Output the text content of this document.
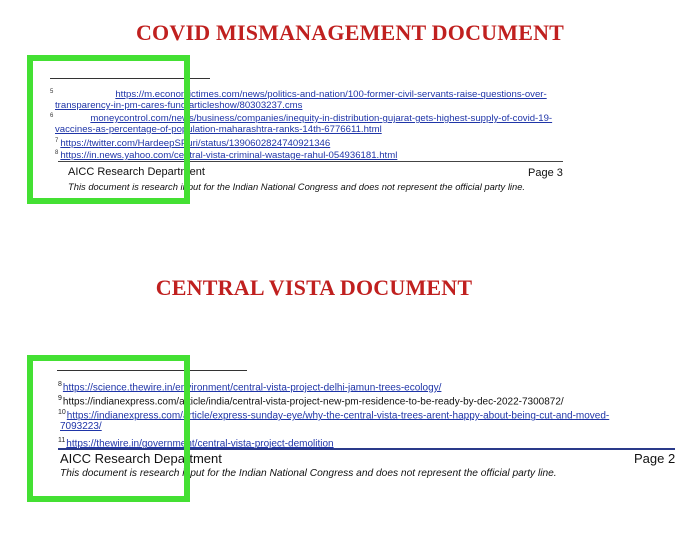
COVID MISMANAGEMENT DOCUMENT

$^5$	https://m.economictimes.com/news/politics-and-nation/100-former-civil-servants-raise-questions-over-
transparency-in-pm-cares-fund/articleshow/80303237.cms
$^6$	moneycontrol.com/news/business/companies/inequity-in-distribution-gujarat-gets-highest-supply-of-covid-19-
vaccines-as-percentage-of-population-maharashtra-ranks-14th-6776611.html
$^7$ https://twitter.com/HardeepSPuri/status/1390602824740921346
$^8$ https://in.news.yahoo.com/central-vista-criminal-wastage-rahul-054936181.html
AICC Research Department	Page 3
This document is research input for the Indian National Congress and does not represent the official party line.
CENTRAL VISTA DOCUMENT
$^8$https://science.thewire.in/environment/central-vista-project-delhi-jamun-trees-ecology/
$^9$https://indianexpress.com/article/india/central-vista-project-new-pm-residence-to-be-ready-by-dec-2022-7300872/
$^{10}$https://indianexpress.com/article/express-sunday-eye/why-the-central-vista-trees-arent-happy-about-being-cut-and-moved-
7093223/
$^{11}$https://thewire.in/government/central-vista-project-demolition
AICC Research Department	Page 2
This document is research input for the Indian National Congress and does not represent the official party line.
